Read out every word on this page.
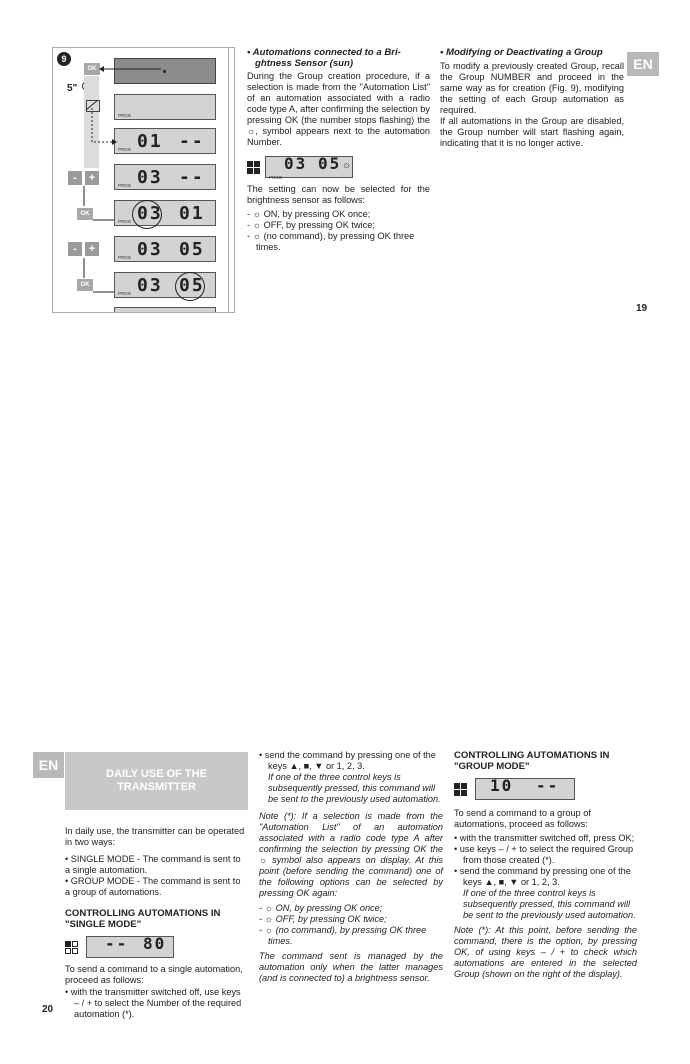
9
OK
5"
PROG
PROG 01 --
- +
PROG 03 --
OK
PROG 03 01
- +
PROG 03 05
OK
PROG 03 05
• Automations connected to a Bri-
ghtness Sensor (sun)

During the Group creation procedure, if a selection is made from the "Automation List" of an automation associated with a radio code type A, after confirming the selection by pressing OK (the number stops flashing) the ☼, symbol appears next to the automation Number.

PROG
03 05 ☼

The setting can now be selected for the brightness sensor as follows:

- ☼ ON, by pressing OK once;
- ☼ OFF, by pressing OK twice;
- ☼ (no command), by pressing OK three times.
• Modifying or Deactivating a Group

To modify a previously created Group, recall the Group NUMBER and proceed in the same way as for creation (Fig. 9), modifying the setting of each Group automation as required.

If all automations in the Group are disabled, the Group number will start flashing again, indicating that it is no longer active.

EN
19
EN
DAILY USE OF THE
TRANSMITTER

In daily use, the transmitter can be operated in two ways:

• SINGLE MODE - The command is sent to a single automation.

• GROUP MODE - The command is sent to a group of automations.

CONTROLLING AUTOMATIONS IN
"SINGLE MODE"
-- 80

To send a command to a single automation, proceed as follows:

• with the transmitter switched off, use keys – / + to select the Number of the required automation (*).
20
• send the command by pressing one of the keys ▲, ■, ▼ or 1, 2, 3.

If one of the three control keys is subsequently pressed, this command will be sent to the previously used automation.

Note (*): If a selection is made from the "Automation List" of an automation associated with a radio code type A after confirming the selection by pressing OK the ☼ symbol also appears on display. At this point (before sending the command) one of the following options can be selected by pressing OK again:

- ☼ ON, by pressing OK once;
- ☼ OFF, by pressing OK twice;
- ☼ (no command), by pressing OK three times.

The command sent is managed by the automation only when the latter manages (and is connected to) a brightness sensor.

CONTROLLING AUTOMATIONS IN
"GROUP MODE"
10 --

To send a command to a group of automations, proceed as follows:

• with the transmitter switched off, press OK;
• use keys – / + to select the required Group from those created (*).
• send the command by pressing one of the keys ▲, ■, ▼ or 1, 2, 3.

If one of the three control keys is subsequently pressed, this command will be sent to the previously used automation.

Note (*): At this point, before sending the command, there is the option, by pressing OK, of using keys – / + to check which automations are entered in the selected Group (shown on the right of the display).
